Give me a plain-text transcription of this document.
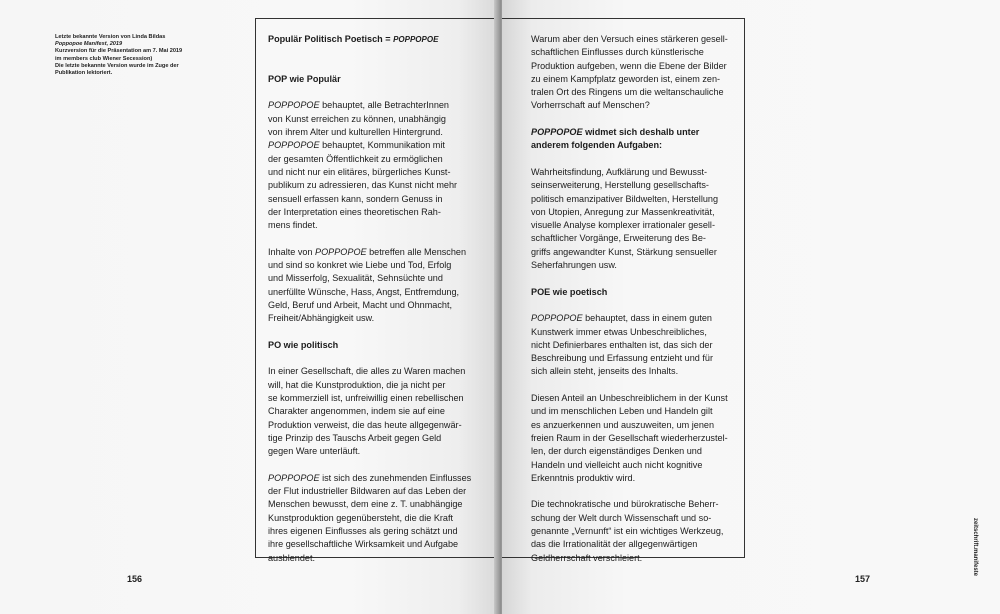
Letzte bekannte Version von Linda Bildas
Poppopoe Manifest, 2019
Kurzversion für die Präsentation am 7. Mai 2019
im members club Wiener Secession)
Die letzte bekannte Version wurde im Zuge der
Publikation lektoriert.

Populär Politisch Poetisch = POPPOPOE

POP wie Populär

POPPOPOE behauptet, alle BetrachterInnen

von Kunst erreichen zu können, unabhängig

von ihrem Alter und kulturellen Hintergrund.

POPPOPOE behauptet, Kommunikation mit

der gesamten Öffentlichkeit zu ermöglichen

und nicht nur ein elitäres, bürgerliches Kunst-

publikum zu adressieren, das Kunst nicht mehr

sensuell erfassen kann, sondern Genuss in

der Interpretation eines theoretischen Rah-

mens findet.

Inhalte von POPPOPOE betreffen alle Menschen

und sind so konkret wie Liebe und Tod, Erfolg

und Misserfolg, Sexualität, Sehnsüchte und

unerfüllte Wünsche, Hass, Angst, Entfremdung,

Geld, Beruf und Arbeit, Macht und Ohnmacht,

Freiheit/Abhängigkeit usw.

PO wie politisch

In einer Gesellschaft, die alles zu Waren machen

will, hat die Kunstproduktion, die ja nicht per

se kommerziell ist, unfreiwillig einen rebellischen

Charakter angenommen, indem sie auf eine

Produktion verweist, die das heute allgegenwär-

tige Prinzip des Tauschs Arbeit gegen Geld

gegen Ware unterläuft.

POPPOPOE ist sich des zunehmenden Einflusses

der Flut industrieller Bildwaren auf das Leben der

Menschen bewusst, dem eine z. T. unabhängige

Kunstproduktion gegenübersteht, die die Kraft

ihres eigenen Einflusses als gering schätzt und

ihre gesellschaftliche Wirksamkeit und Aufgabe

ausblendet.

156

Warum aber den Versuch eines stärkeren gesell-

schaftlichen Einflusses durch künstlerische

Produktion aufgeben, wenn die Ebene der Bilder

zu einem Kampfplatz geworden ist, einem zen-

tralen Ort des Ringens um die weltanschauliche

Vorherrschaft auf Menschen?

POPPOPOE widmet sich deshalb unter

anderem folgenden Aufgaben:

Wahrheitsfindung, Aufklärung und Bewusst-

seinserweiterung, Herstellung gesellschafts-

politisch emanzipativer Bildwelten, Herstellung

von Utopien, Anregung zur Massenkreativität,

visuelle Analyse komplexer irrationaler gesell-

schaftlicher Vorgänge, Erweiterung des Be-

griffs angewandter Kunst, Stärkung sensueller

Seherfahrungen usw.

POE wie poetisch

POPPOPOE behauptet, dass in einem guten

Kunstwerk immer etwas Unbeschreibliches,

nicht Definierbares enthalten ist, das sich der

Beschreibung und Erfassung entzieht und für

sich allein steht, jenseits des Inhalts.

Diesen Anteil an Unbeschreiblichem in der Kunst

und im menschlichen Leben und Handeln gilt

es anzuerkennen und auszuweiten, um jenen

freien Raum in der Gesellschaft wiederherzustel-

len, der durch eigenständiges Denken und

Handeln und vielleicht auch nicht kognitive

Erkenntnis produktiv wird.

Die technokratische und bürokratische Beherr-

schung der Welt durch Wissenschaft und so-

genannte „Vernunft“ ist ein wichtiges Werkzeug,

das die Irrationalität der allgegenwärtigen

Geldherrschaft verschleiert.

157
zeitschrift.manifeste
